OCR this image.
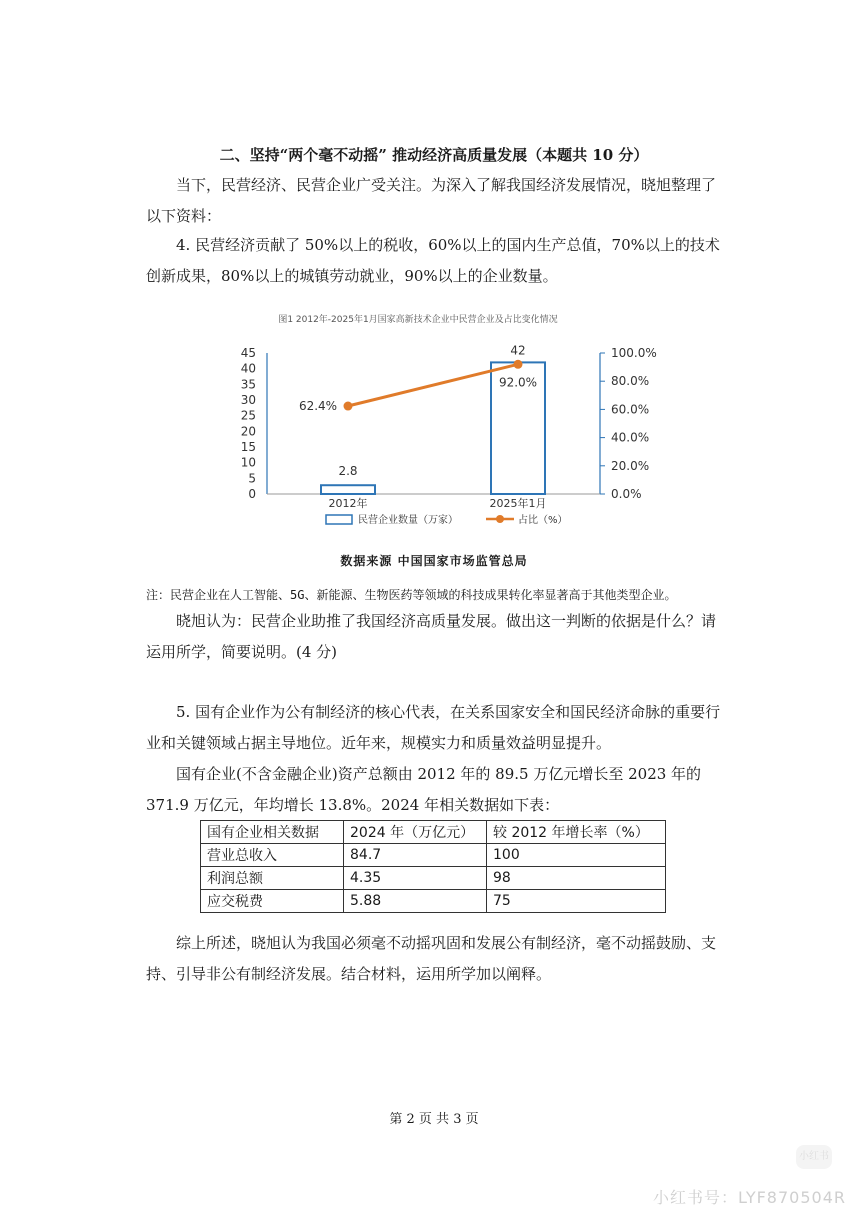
二、坚持“两个毫不动摇” 推动经济高质量发展（本题共 10 分）
当下，民营经济、民营企业广受关注。为深入了解我国经济发展情况，晓旭整理了以下资料：
4. 民营经济贡献了 50%以上的税收，60%以上的国内生产总值，70%以上的技术创新成果，80%以上的城镇劳动就业，90%以上的企业数量。
图1 2012年-2025年1月国家高新技术企业中民营企业及占比变化情况
0
5
10
15
20
25
30
35
40
45
0.0%
20.0%
40.0%
60.0%
80.0%
100.0%
2.8
42
62.4%
92.0%
2012年	2025年1月
民营企业数量（万家）	占比（%）
数据来源 中国国家市场监管总局
注：民营企业在人工智能、5G、新能源、生物医药等领域的科技成果转化率显著高于其他类型企业。
晓旭认为：民营企业助推了我国经济高质量发展。做出这一判断的依据是什么？请运用所学，简要说明。(4 分)
5. 国有企业作为公有制经济的核心代表，在关系国家安全和国民经济命脉的重要行业和关键领域占据主导地位。近年来，规模实力和质量效益明显提升。
国有企业(不含金融企业)资产总额由 2012 年的 89.5 万亿元增长至 2023 年的 371.9 万亿元，年均增长 13.8%。2024 年相关数据如下表：
国有企业相关数据	2024 年（万亿元）	较 2012 年增长率（%）
营业总收入	84.7	100
利润总额	4.35	98
应交税费	5.88	75
综上所述，晓旭认为我国必须毫不动摇巩固和发展公有制经济，毫不动摇鼓励、支持、引导非公有制经济发展。结合材料，运用所学加以阐释。
第 2 页 共 3 页
小红书
小红书号：LYF870504R
